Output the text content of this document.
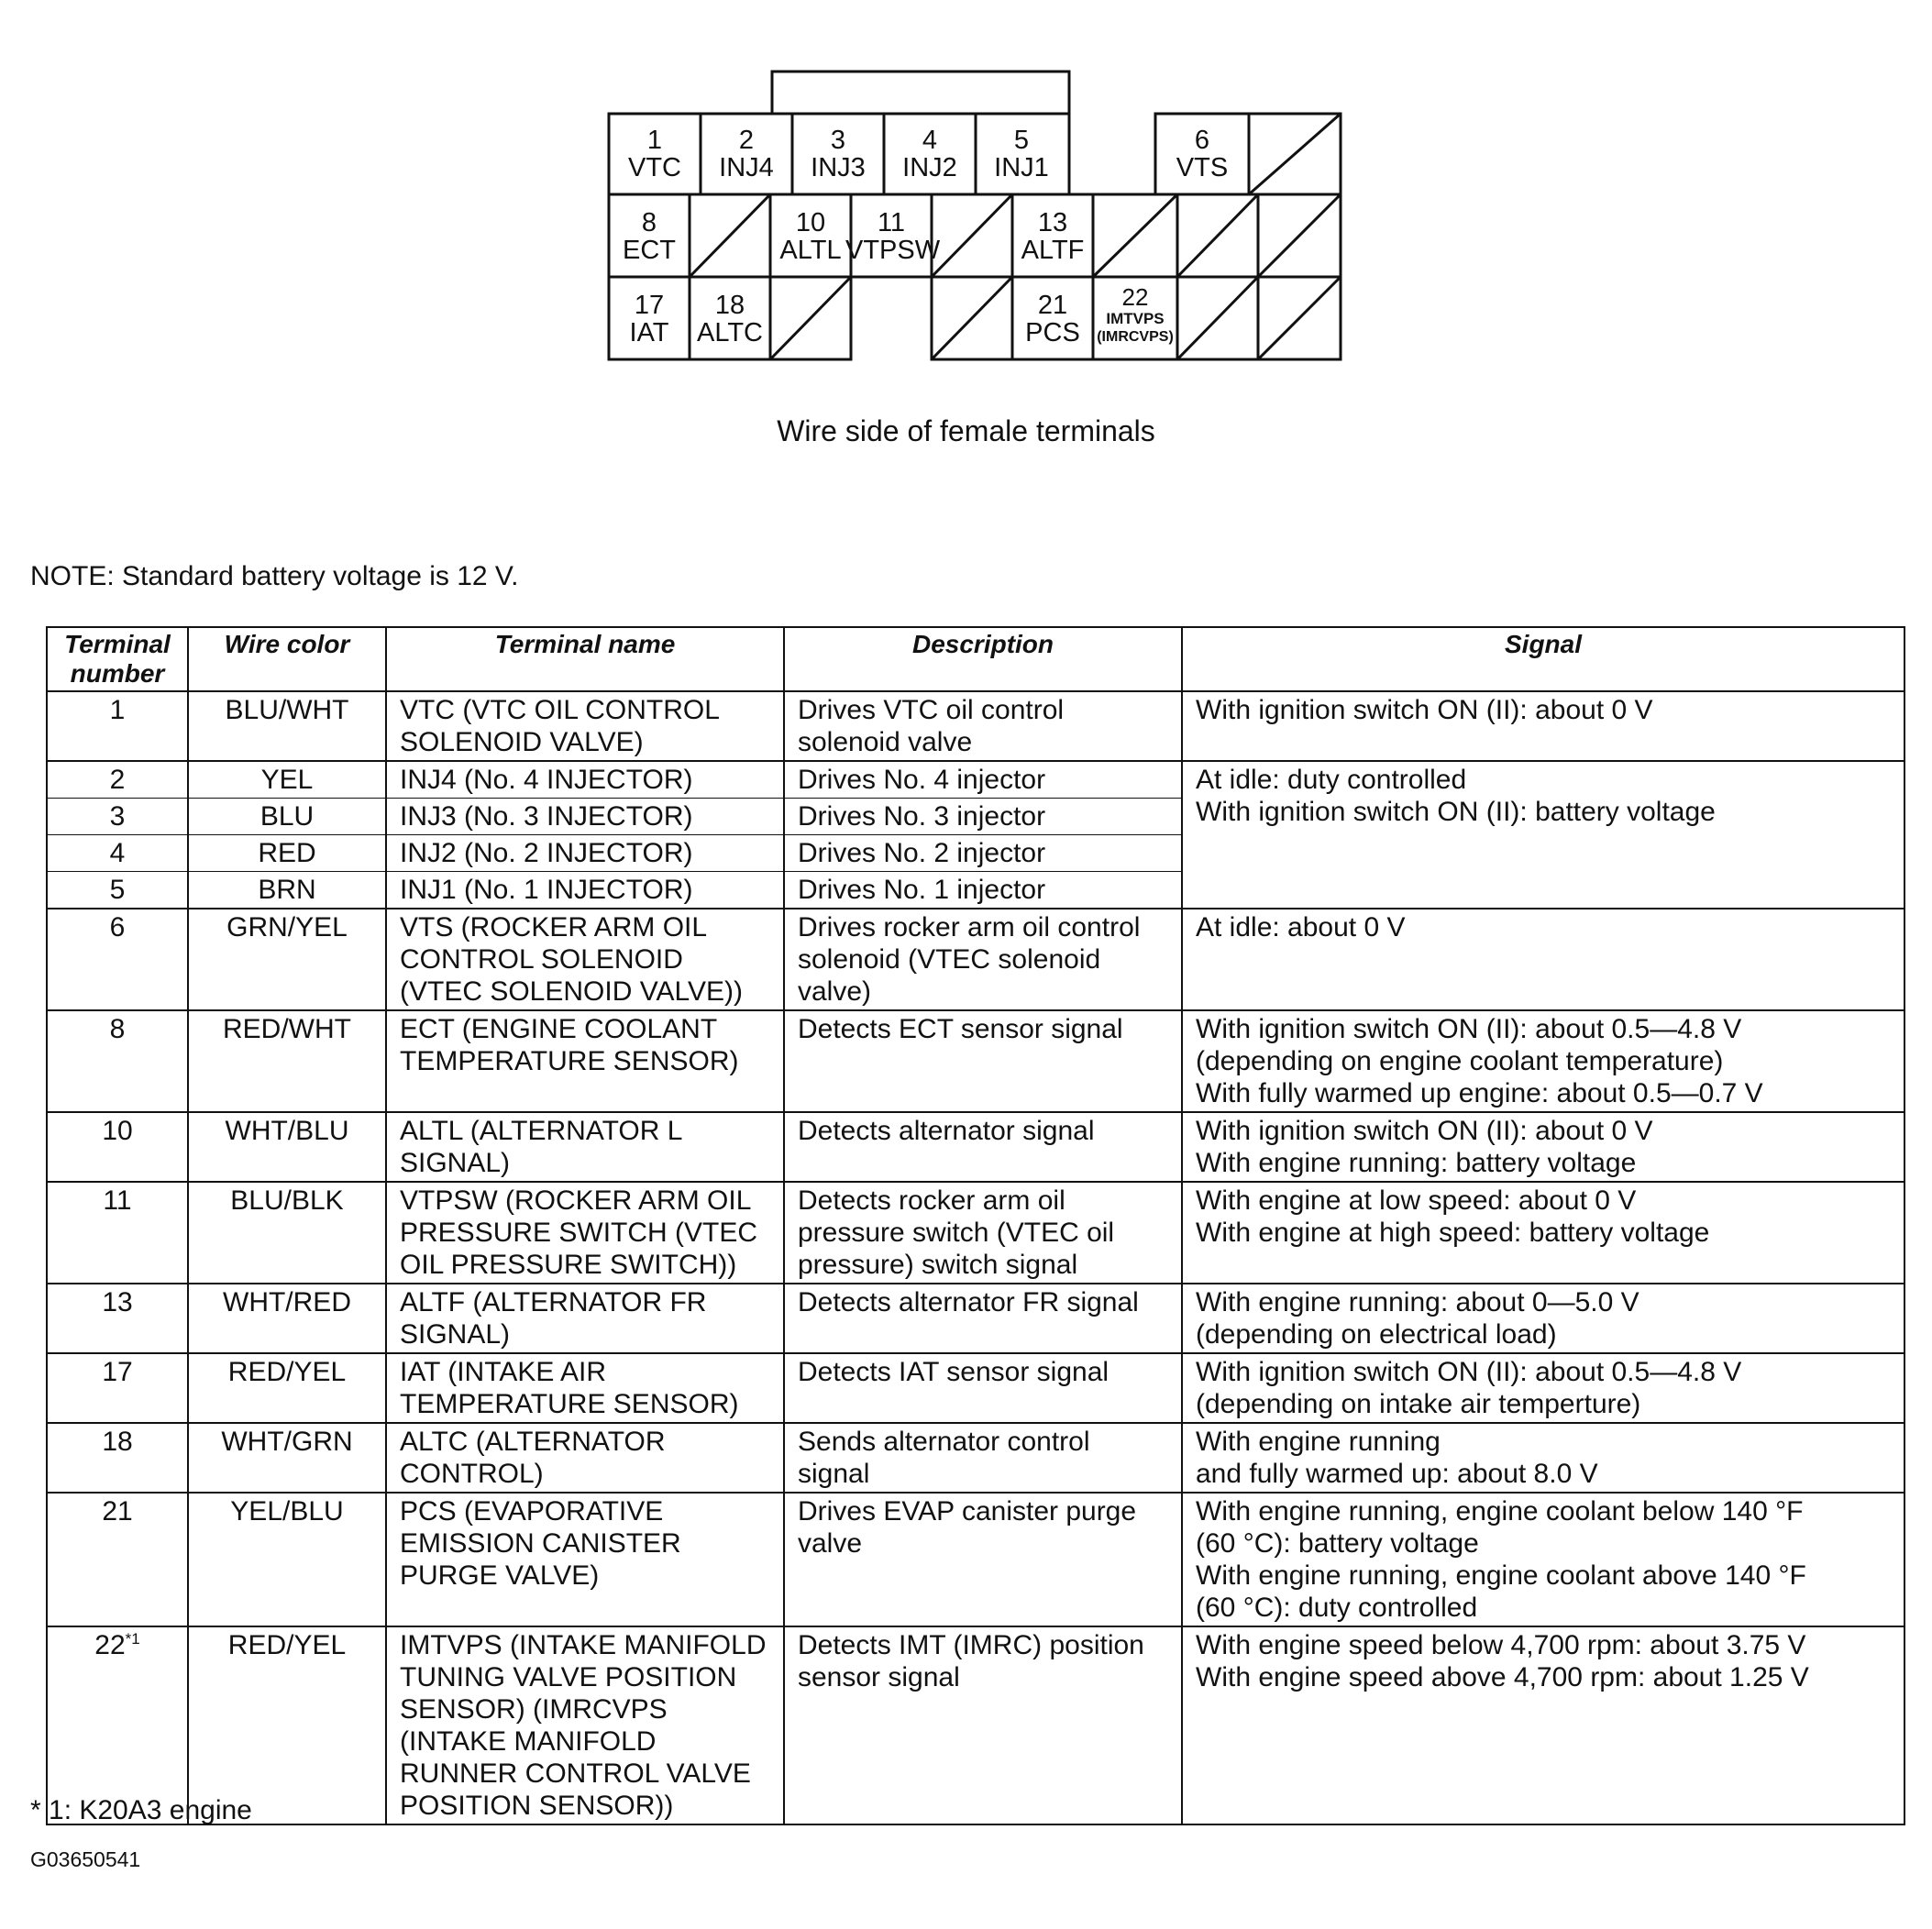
1
VTC
2
INJ4
3
INJ3
4
INJ2
5
INJ1
6
VTS
8
ECT
10
ALTL
11
VTPSW
13
ALTF
17
IAT
18
ALTC
21
PCS
22
IMTVPS
(IMRCVPS)
Wire side of female terminals
NOTE: Standard battery voltage is 12 V.
Terminal number	Wire color	Terminal name	Description	Signal
1	BLU/WHT	VTC (VTC OIL CONTROL SOLENOID VALVE)	Drives VTC oil control solenoid valve	With ignition switch ON (II): about 0 V
2	YEL	INJ4 (No. 4 INJECTOR)	Drives No. 4 injector	At idle: duty controlled
With ignition switch ON (II): battery voltage
3	BLU	INJ3 (No. 3 INJECTOR)	Drives No. 3 injector	
4	RED	INJ2 (No. 2 INJECTOR)	Drives No. 2 injector	
5	BRN	INJ1 (No. 1 INJECTOR)	Drives No. 1 injector	
6	GRN/YEL	VTS (ROCKER ARM OIL CONTROL SOLENOID (VTEC SOLENOID VALVE))	Drives rocker arm oil control solenoid (VTEC solenoid valve)	At idle: about 0 V
8	RED/WHT	ECT (ENGINE COOLANT TEMPERATURE SENSOR)	Detects ECT sensor signal	With ignition switch ON (II): about 0.5—4.8 V
(depending on engine coolant temperature)
With fully warmed up engine: about 0.5—0.7 V
10	WHT/BLU	ALTL (ALTERNATOR L SIGNAL)	Detects alternator signal	With ignition switch ON (II): about 0 V
With engine running: battery voltage
11	BLU/BLK	VTPSW (ROCKER ARM OIL PRESSURE SWITCH (VTEC OIL PRESSURE SWITCH))	Detects rocker arm oil pressure switch (VTEC oil pressure) switch signal	With engine at low speed: about 0 V
With engine at high speed: battery voltage
13	WHT/RED	ALTF (ALTERNATOR FR SIGNAL)	Detects alternator FR signal	With engine running: about 0—5.0 V
(depending on electrical load)
17	RED/YEL	IAT (INTAKE AIR TEMPERATURE SENSOR)	Detects IAT sensor signal	With ignition switch ON (II): about 0.5—4.8 V
(depending on intake air temperture)
18	WHT/GRN	ALTC (ALTERNATOR CONTROL)	Sends alternator control signal	With engine running
and fully warmed up: about 8.0 V
21	YEL/BLU	PCS (EVAPORATIVE EMISSION CANISTER PURGE VALVE)	Drives EVAP canister purge valve	With engine running, engine coolant below 140 °F
(60 °C): battery voltage
With engine running, engine coolant above 140 °F
(60 °C): duty controlled
22$^{*1}$	RED/YEL	IMTVPS (INTAKE MANIFOLD TUNING VALVE POSITION SENSOR) (IMRCVPS (INTAKE MANIFOLD RUNNER CONTROL VALVE POSITION SENSOR))	Detects IMT (IMRC) position sensor signal	With engine speed below 4,700 rpm: about 3.75 V
With engine speed above 4,700 rpm: about 1.25 V
* 1: K20A3 engine
G03650541
